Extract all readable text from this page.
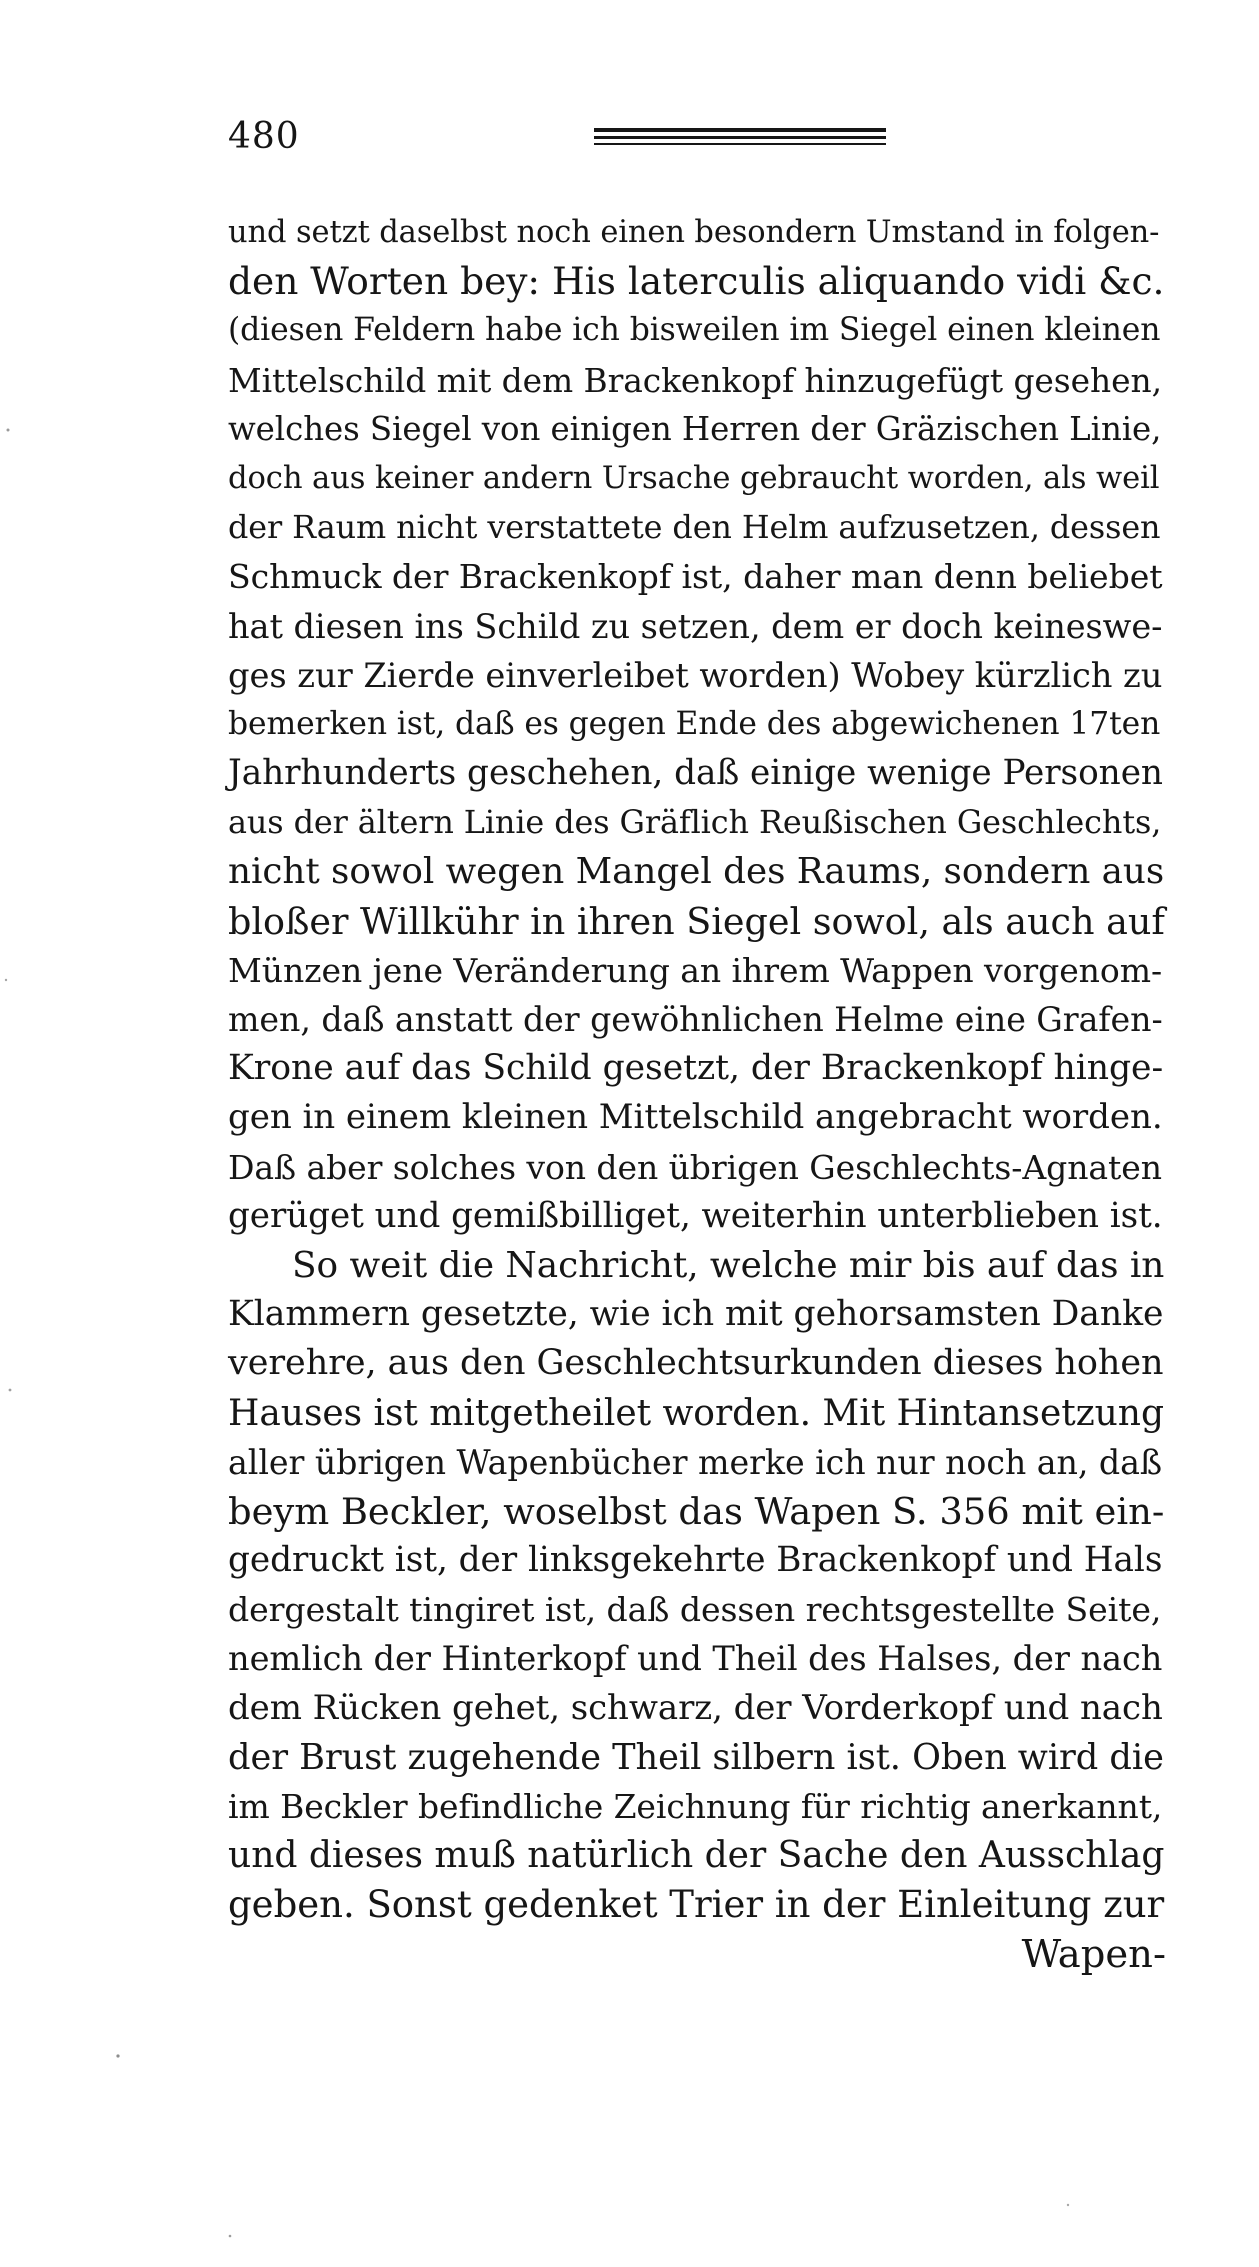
480
und setzt daselbst noch einen besondern Umstand in folgen-
den Worten bey: His laterculis aliquando vidi &c.
(diesen Feldern habe ich bisweilen im Siegel einen kleinen
Mittelschild mit dem Brackenkopf hinzugefügt gesehen,
welches Siegel von einigen Herren der Gräzischen Linie,
doch aus keiner andern Ursache gebraucht worden, als weil
der Raum nicht verstattete den Helm aufzusetzen, dessen
Schmuck der Brackenkopf ist, daher man denn beliebet
hat diesen ins Schild zu setzen, dem er doch keineswe-
ges zur Zierde einverleibet worden) Wobey kürzlich zu
bemerken ist, daß es gegen Ende des abgewichenen 17ten
Jahrhunderts geschehen, daß einige wenige Personen
aus der ältern Linie des Gräflich Reußischen Geschlechts,
nicht sowol wegen Mangel des Raums, sondern aus
bloßer Willkühr in ihren Siegel sowol, als auch auf
Münzen jene Veränderung an ihrem Wappen vorgenom-
men, daß anstatt der gewöhnlichen Helme eine Grafen-
Krone auf das Schild gesetzt, der Brackenkopf hinge-
gen in einem kleinen Mittelschild angebracht worden.
Daß aber solches von den übrigen Geschlechts-Agnaten
gerüget und gemißbilliget, weiterhin unterblieben ist.
So weit die Nachricht, welche mir bis auf das in
Klammern gesetzte, wie ich mit gehorsamsten Danke
verehre, aus den Geschlechtsurkunden dieses hohen
Hauses ist mitgetheilet worden. Mit Hintansetzung
aller übrigen Wapenbücher merke ich nur noch an, daß
beym Beckler, woselbst das Wapen S. 356 mit ein-
gedruckt ist, der linksgekehrte Brackenkopf und Hals
dergestalt tingiret ist, daß dessen rechtsgestellte Seite,
nemlich der Hinterkopf und Theil des Halses, der nach
dem Rücken gehet, schwarz, der Vorderkopf und nach
der Brust zugehende Theil silbern ist. Oben wird die
im Beckler befindliche Zeichnung für richtig anerkannt,
und dieses muß natürlich der Sache den Ausschlag
geben. Sonst gedenket Trier in der Einleitung zur
Wapen-
